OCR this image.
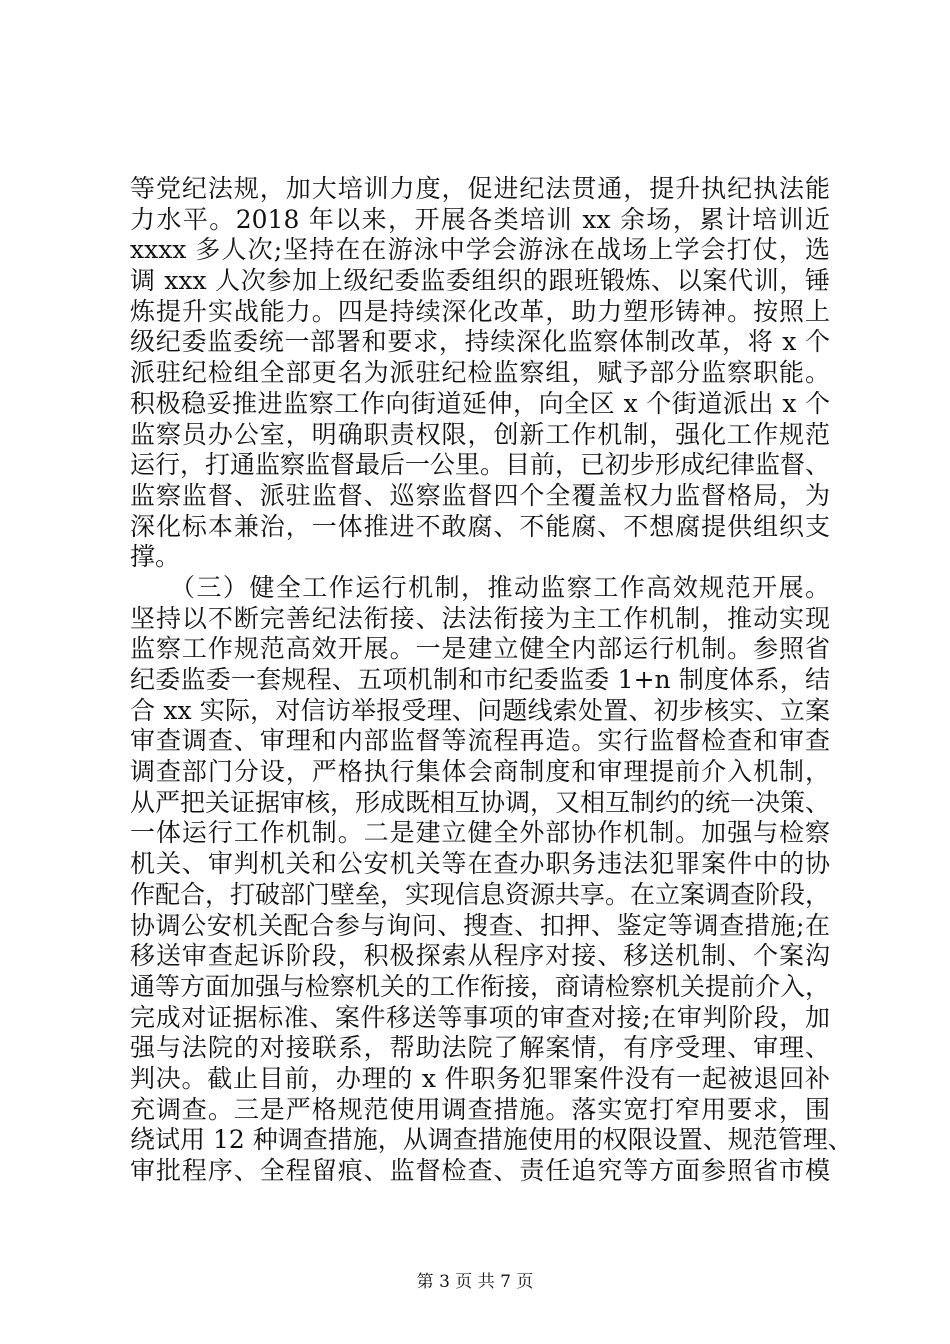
等党纪法规，加大培训力度，促进纪法贯通，提升执纪执法能
力水平。2018 年以来，开展各类培训 xx 余场，累计培训近
xxxx 多人次;坚持在在游泳中学会游泳在战场上学会打仗，选
调 xxx 人次参加上级纪委监委组织的跟班锻炼、以案代训，锤
炼提升实战能力。四是持续深化改革，助力塑形铸神。按照上
级纪委监委统一部署和要求，持续深化监察体制改革，将 x 个
派驻纪检组全部更名为派驻纪检监察组，赋予部分监察职能。
积极稳妥推进监察工作向街道延伸，向全区 x 个街道派出 x 个
监察员办公室，明确职责权限，创新工作机制，强化工作规范
运行，打通监察监督最后一公里。目前，已初步形成纪律监督、
监察监督、派驻监督、巡察监督四个全覆盖权力监督格局，为
深化标本兼治，一体推进不敢腐、不能腐、不想腐提供组织支
撑。
（三）健全工作运行机制，推动监察工作高效规范开展。
坚持以不断完善纪法衔接、法法衔接为主工作机制，推动实现
监察工作规范高效开展。一是建立健全内部运行机制。参照省
纪委监委一套规程、五项机制和市纪委监委 1+n 制度体系，结
合 xx 实际，对信访举报受理、问题线索处置、初步核实、立案
审查调查、审理和内部监督等流程再造。实行监督检查和审查
调查部门分设，严格执行集体会商制度和审理提前介入机制，
从严把关证据审核，形成既相互协调，又相互制约的统一决策、
一体运行工作机制。二是建立健全外部协作机制。加强与检察
机关、审判机关和公安机关等在查办职务违法犯罪案件中的协
作配合，打破部门壁垒，实现信息资源共享。在立案调查阶段，
协调公安机关配合参与询问、搜查、扣押、鉴定等调查措施;在
移送审查起诉阶段，积极探索从程序对接、移送机制、个案沟
通等方面加强与检察机关的工作衔接，商请检察机关提前介入，
完成对证据标准、案件移送等事项的审查对接;在审判阶段，加
强与法院的对接联系，帮助法院了解案情，有序受理、审理、
判决。截止目前，办理的 x 件职务犯罪案件没有一起被退回补
充调查。三是严格规范使用调查措施。落实宽打窄用要求，围
绕试用 12 种调查措施，从调查措施使用的权限设置、规范管理、
审批程序、全程留痕、监督检查、责任追究等方面参照省市模
第 3 页 共 7 页
